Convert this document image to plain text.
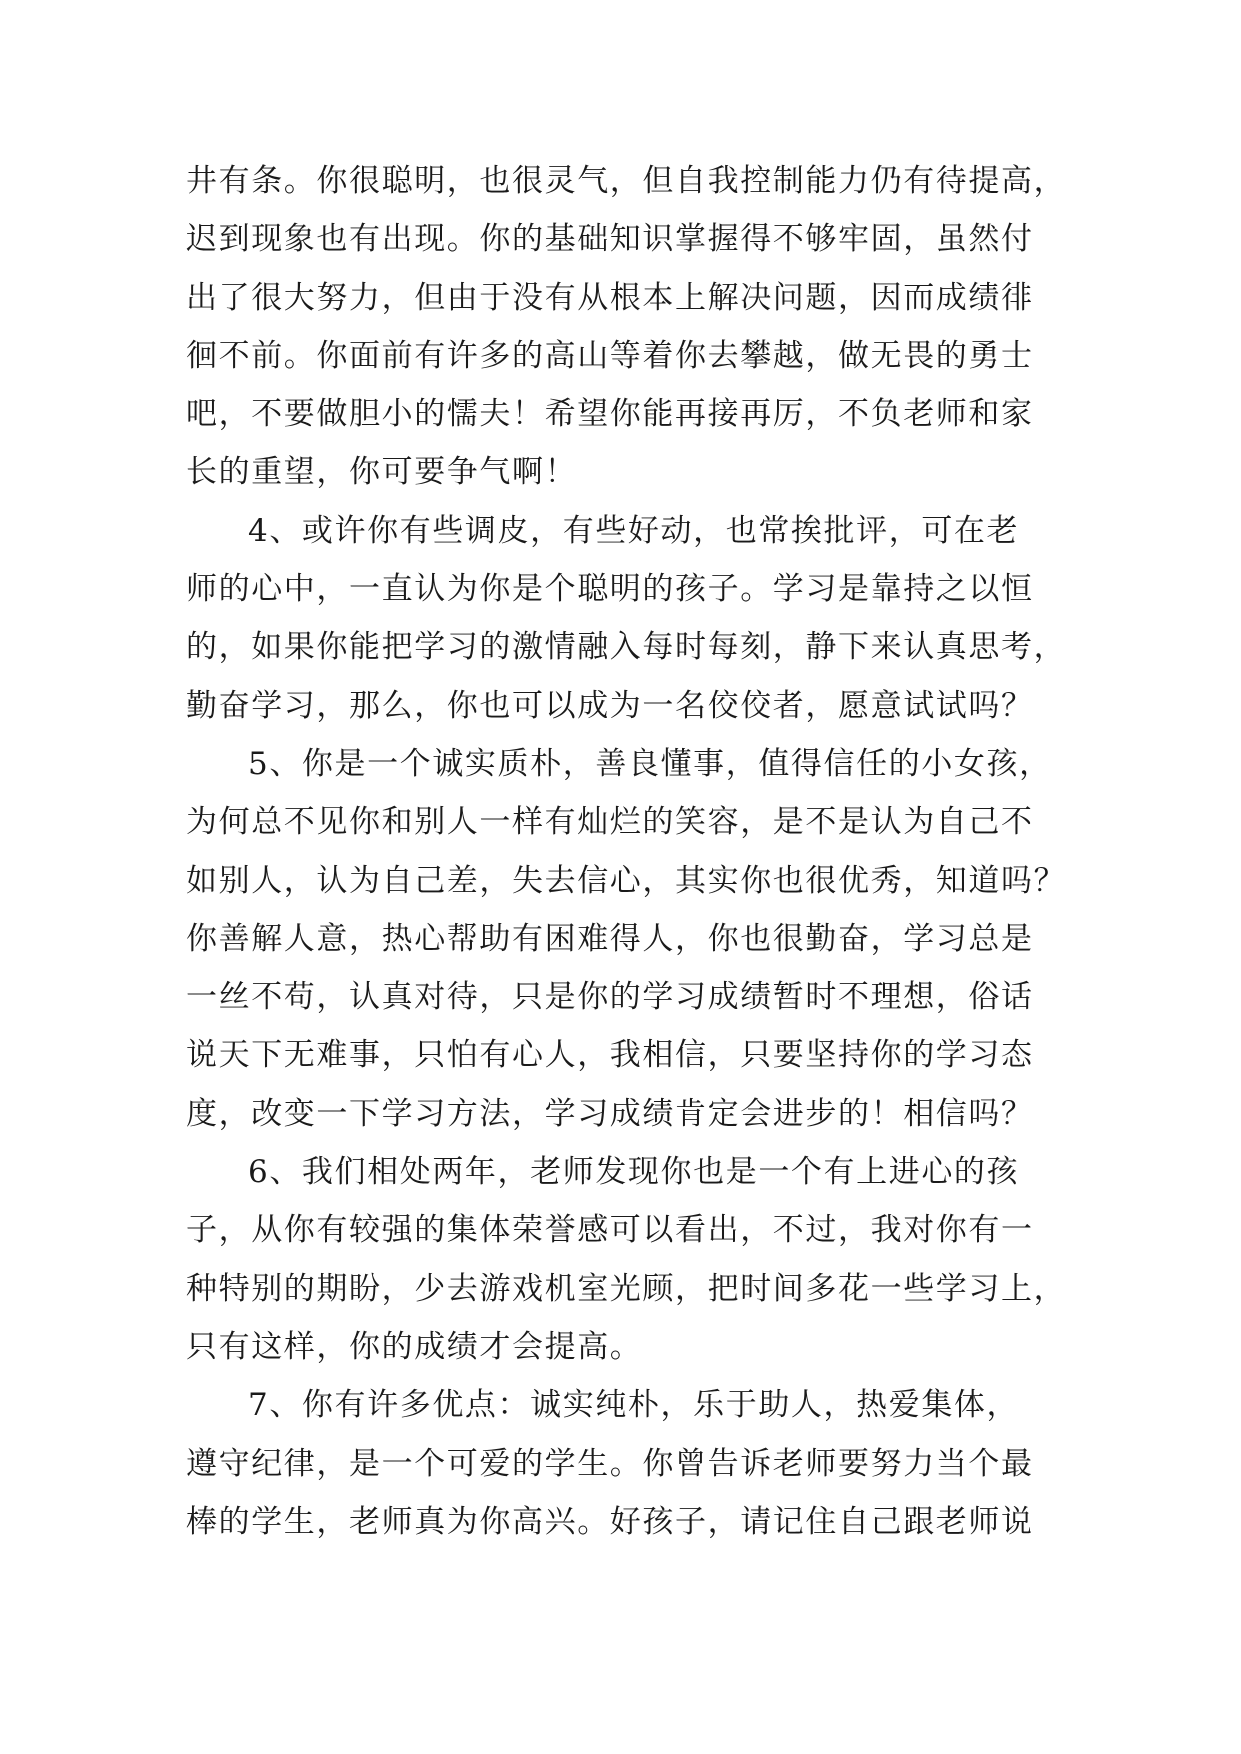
井有条。你很聪明，也很灵气，但自我控制能力仍有待提高，
迟到现象也有出现。你的基础知识掌握得不够牢固，虽然付
出了很大努力，但由于没有从根本上解决问题，因而成绩徘
徊不前。你面前有许多的高山等着你去攀越，做无畏的勇士
吧，不要做胆小的懦夫！希望你能再接再厉，不负老师和家
长的重望，你可要争气啊！
4、或许你有些调皮，有些好动，也常挨批评，可在老
师的心中，一直认为你是个聪明的孩子。学习是靠持之以恒
的，如果你能把学习的激情融入每时每刻，静下来认真思考，
勤奋学习，那么，你也可以成为一名佼佼者，愿意试试吗？
5、你是一个诚实质朴，善良懂事，值得信任的小女孩，
为何总不见你和别人一样有灿烂的笑容，是不是认为自己不
如别人，认为自己差，失去信心，其实你也很优秀，知道吗？
你善解人意，热心帮助有困难得人，你也很勤奋，学习总是
一丝不苟，认真对待，只是你的学习成绩暂时不理想，俗话
说天下无难事，只怕有心人，我相信，只要坚持你的学习态
度，改变一下学习方法，学习成绩肯定会进步的！相信吗？
6、我们相处两年，老师发现你也是一个有上进心的孩
子，从你有较强的集体荣誉感可以看出，不过，我对你有一
种特别的期盼，少去游戏机室光顾，把时间多花一些学习上，
只有这样，你的成绩才会提高。
7、你有许多优点：诚实纯朴，乐于助人，热爱集体，
遵守纪律，是一个可爱的学生。你曾告诉老师要努力当个最
棒的学生，老师真为你高兴。好孩子，请记住自己跟老师说
